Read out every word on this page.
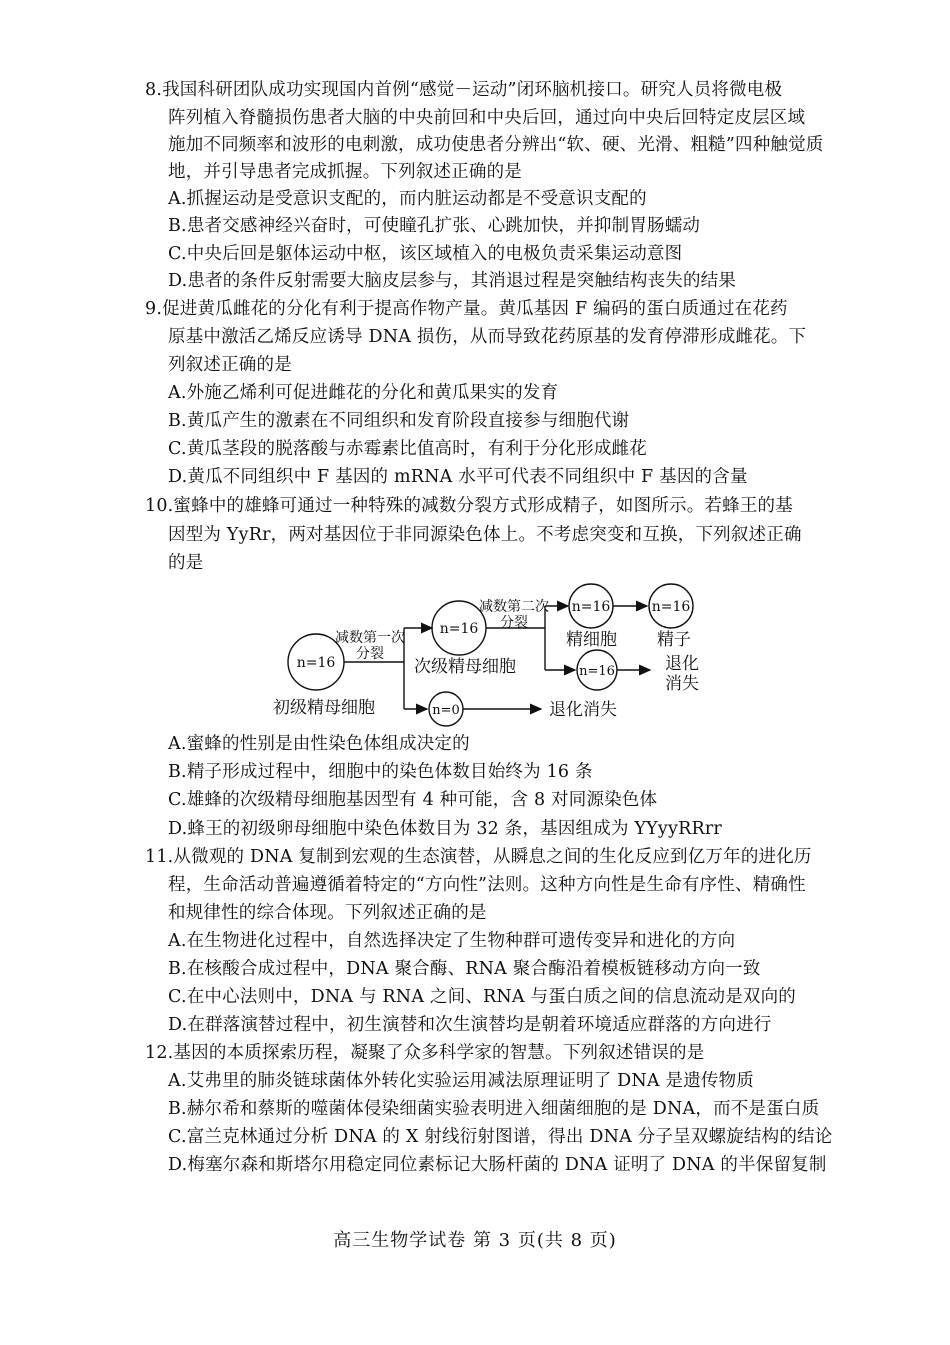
8.我国科研团队成功实现国内首例“感觉－运动”闭环脑机接口。研究人员将微电极
阵列植入脊髓损伤患者大脑的中央前回和中央后回，通过向中央后回特定皮层区域
施加不同频率和波形的电刺激，成功使患者分辨出“软、硬、光滑、粗糙”四种触觉质
地，并引导患者完成抓握。下列叙述正确的是
A.抓握运动是受意识支配的，而内脏运动都是不受意识支配的
B.患者交感神经兴奋时，可使瞳孔扩张、心跳加快，并抑制胃肠蠕动
C.中央后回是躯体运动中枢，该区域植入的电极负责采集运动意图
D.患者的条件反射需要大脑皮层参与，其消退过程是突触结构丧失的结果
9.促进黄瓜雌花的分化有利于提高作物产量。黄瓜基因 F 编码的蛋白质通过在花药
原基中激活乙烯反应诱导 DNA 损伤，从而导致花药原基的发育停滞形成雌花。下
列叙述正确的是
A.外施乙烯利可促进雌花的分化和黄瓜果实的发育
B.黄瓜产生的激素在不同组织和发育阶段直接参与细胞代谢
C.黄瓜茎段的脱落酸与赤霉素比值高时，有利于分化形成雌花
D.黄瓜不同组织中 F 基因的 mRNA 水平可代表不同组织中 F 基因的含量
10.蜜蜂中的雄蜂可通过一种特殊的减数分裂方式形成精子，如图所示。若蜂王的基
因型为 YyRr，两对基因位于非同源染色体上。不考虑突变和互换，下列叙述正确
的是
n=16
n=16
n=0
n=16	n=16
n=16
减数第一次
分裂
减数第二次
分裂
初级精母细胞
次级精母细胞
退化消失
精细胞 精子
退化
消失
A.蜜蜂的性别是由性染色体组成决定的
B.精子形成过程中，细胞中的染色体数目始终为 16 条
C.雄蜂的次级精母细胞基因型有 4 种可能，含 8 对同源染色体
D.蜂王的初级卵母细胞中染色体数目为 32 条，基因组成为 YYyyRRrr
11.从微观的 DNA 复制到宏观的生态演替，从瞬息之间的生化反应到亿万年的进化历
程，生命活动普遍遵循着特定的“方向性”法则。这种方向性是生命有序性、精确性
和规律性的综合体现。下列叙述正确的是
A.在生物进化过程中，自然选择决定了生物种群可遗传变异和进化的方向
B.在核酸合成过程中，DNA 聚合酶、RNA 聚合酶沿着模板链移动方向一致
C.在中心法则中，DNA 与 RNA 之间、RNA 与蛋白质之间的信息流动是双向的
D.在群落演替过程中，初生演替和次生演替均是朝着环境适应群落的方向进行
12.基因的本质探索历程，凝聚了众多科学家的智慧。下列叙述错误的是
A.艾弗里的肺炎链球菌体外转化实验运用减法原理证明了 DNA 是遗传物质
B.赫尔希和蔡斯的噬菌体侵染细菌实验表明进入细菌细胞的是 DNA，而不是蛋白质
C.富兰克林通过分析 DNA 的 X 射线衍射图谱，得出 DNA 分子呈双螺旋结构的结论
D.梅塞尔森和斯塔尔用稳定同位素标记大肠杆菌的 DNA 证明了 DNA 的半保留复制
高三生物学试卷 第 3 页(共 8 页)
